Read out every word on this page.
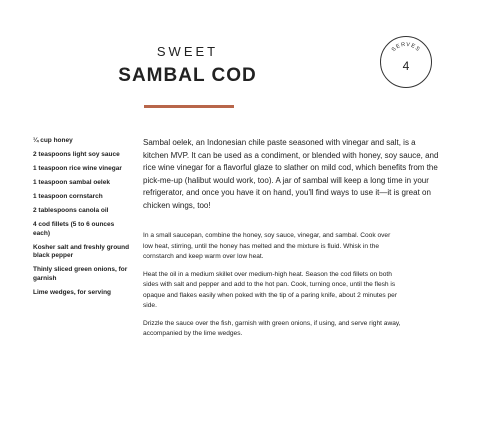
SWEET
SAMBAL COD
SERVES
4
¼ cup honey
2 teaspoons light soy sauce
1 teaspoon rice wine vinegar
1 teaspoon sambal oelek
1 teaspoon cornstarch
2 tablespoons canola oil
4 cod fillets (5 to 6 ounces each)
Kosher salt and freshly ground black pepper
Thinly sliced green onions, for garnish
Lime wedges, for serving

Sambal oelek, an Indonesian chile paste seasoned with vinegar and salt, is a kitchen MVP. It can be used as a condiment, or blended with honey, soy sauce, and rice wine vinegar for a flavorful glaze to slather on mild cod, which benefits from the pick-me-up (halibut would work, too). A jar of sambal will keep a long time in your refrigerator, and once you have it on hand, you'll find ways to use it—it is great on chicken wings, too!

In a small saucepan, combine the honey, soy sauce, vinegar, and sambal. Cook over low heat, stirring, until the honey has melted and the mixture is fluid. Whisk in the cornstarch and keep warm over low heat.

Heat the oil in a medium skillet over medium-high heat. Season the cod fillets on both sides with salt and pepper and add to the hot pan. Cook, turning once, until the flesh is opaque and flakes easily when poked with the tip of a paring knife, about 2 minutes per side.

Drizzle the sauce over the fish, garnish with green onions, if using, and serve right away, accompanied by the lime wedges.
